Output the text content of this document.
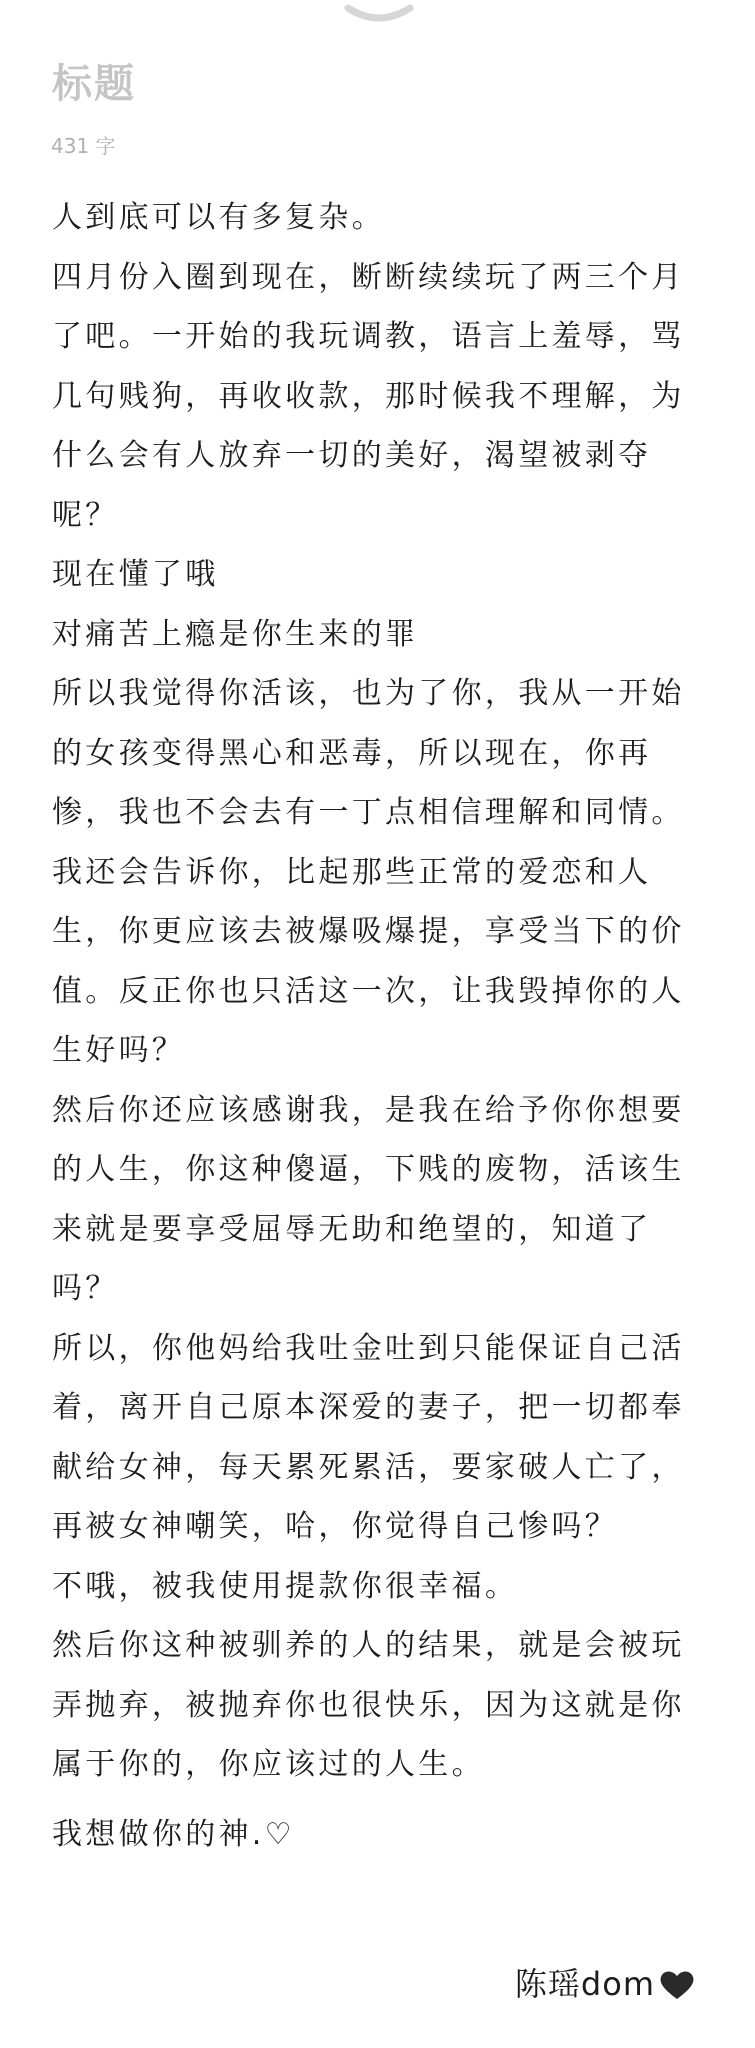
标题
431 字

人到底可以有多复杂。

四月份入圈到现在，断断续续玩了两三个月了吧。一开始的我玩调教，语言上羞辱，骂几句贱狗，再收收款，那时候我不理解，为什么会有人放弃一切的美好，渴望被剥夺呢？

现在懂了哦

对痛苦上瘾是你生来的罪

所以我觉得你活该，也为了你，我从一开始的女孩变得黑心和恶毒，所以现在，你再惨，我也不会去有一丁点相信理解和同情。我还会告诉你，比起那些正常的爱恋和人生，你更应该去被爆吸爆提，享受当下的价值。反正你也只活这一次，让我毁掉你的人生好吗？

然后你还应该感谢我，是我在给予你你想要的人生，你这种傻逼，下贱的废物，活该生来就是要享受屈辱无助和绝望的，知道了吗？

所以，你他妈给我吐金吐到只能保证自己活着，离开自己原本深爱的妻子，把一切都奉献给女神，每天累死累活，要家破人亡了，再被女神嘲笑，哈，你觉得自己惨吗？

不哦，被我使用提款你很幸福。

然后你这种被驯养的人的结果，就是会被玩弄抛弃，被抛弃你也很快乐，因为这就是你属于你的，你应该过的人生。

我想做你的神.♡

陈瑶dom
